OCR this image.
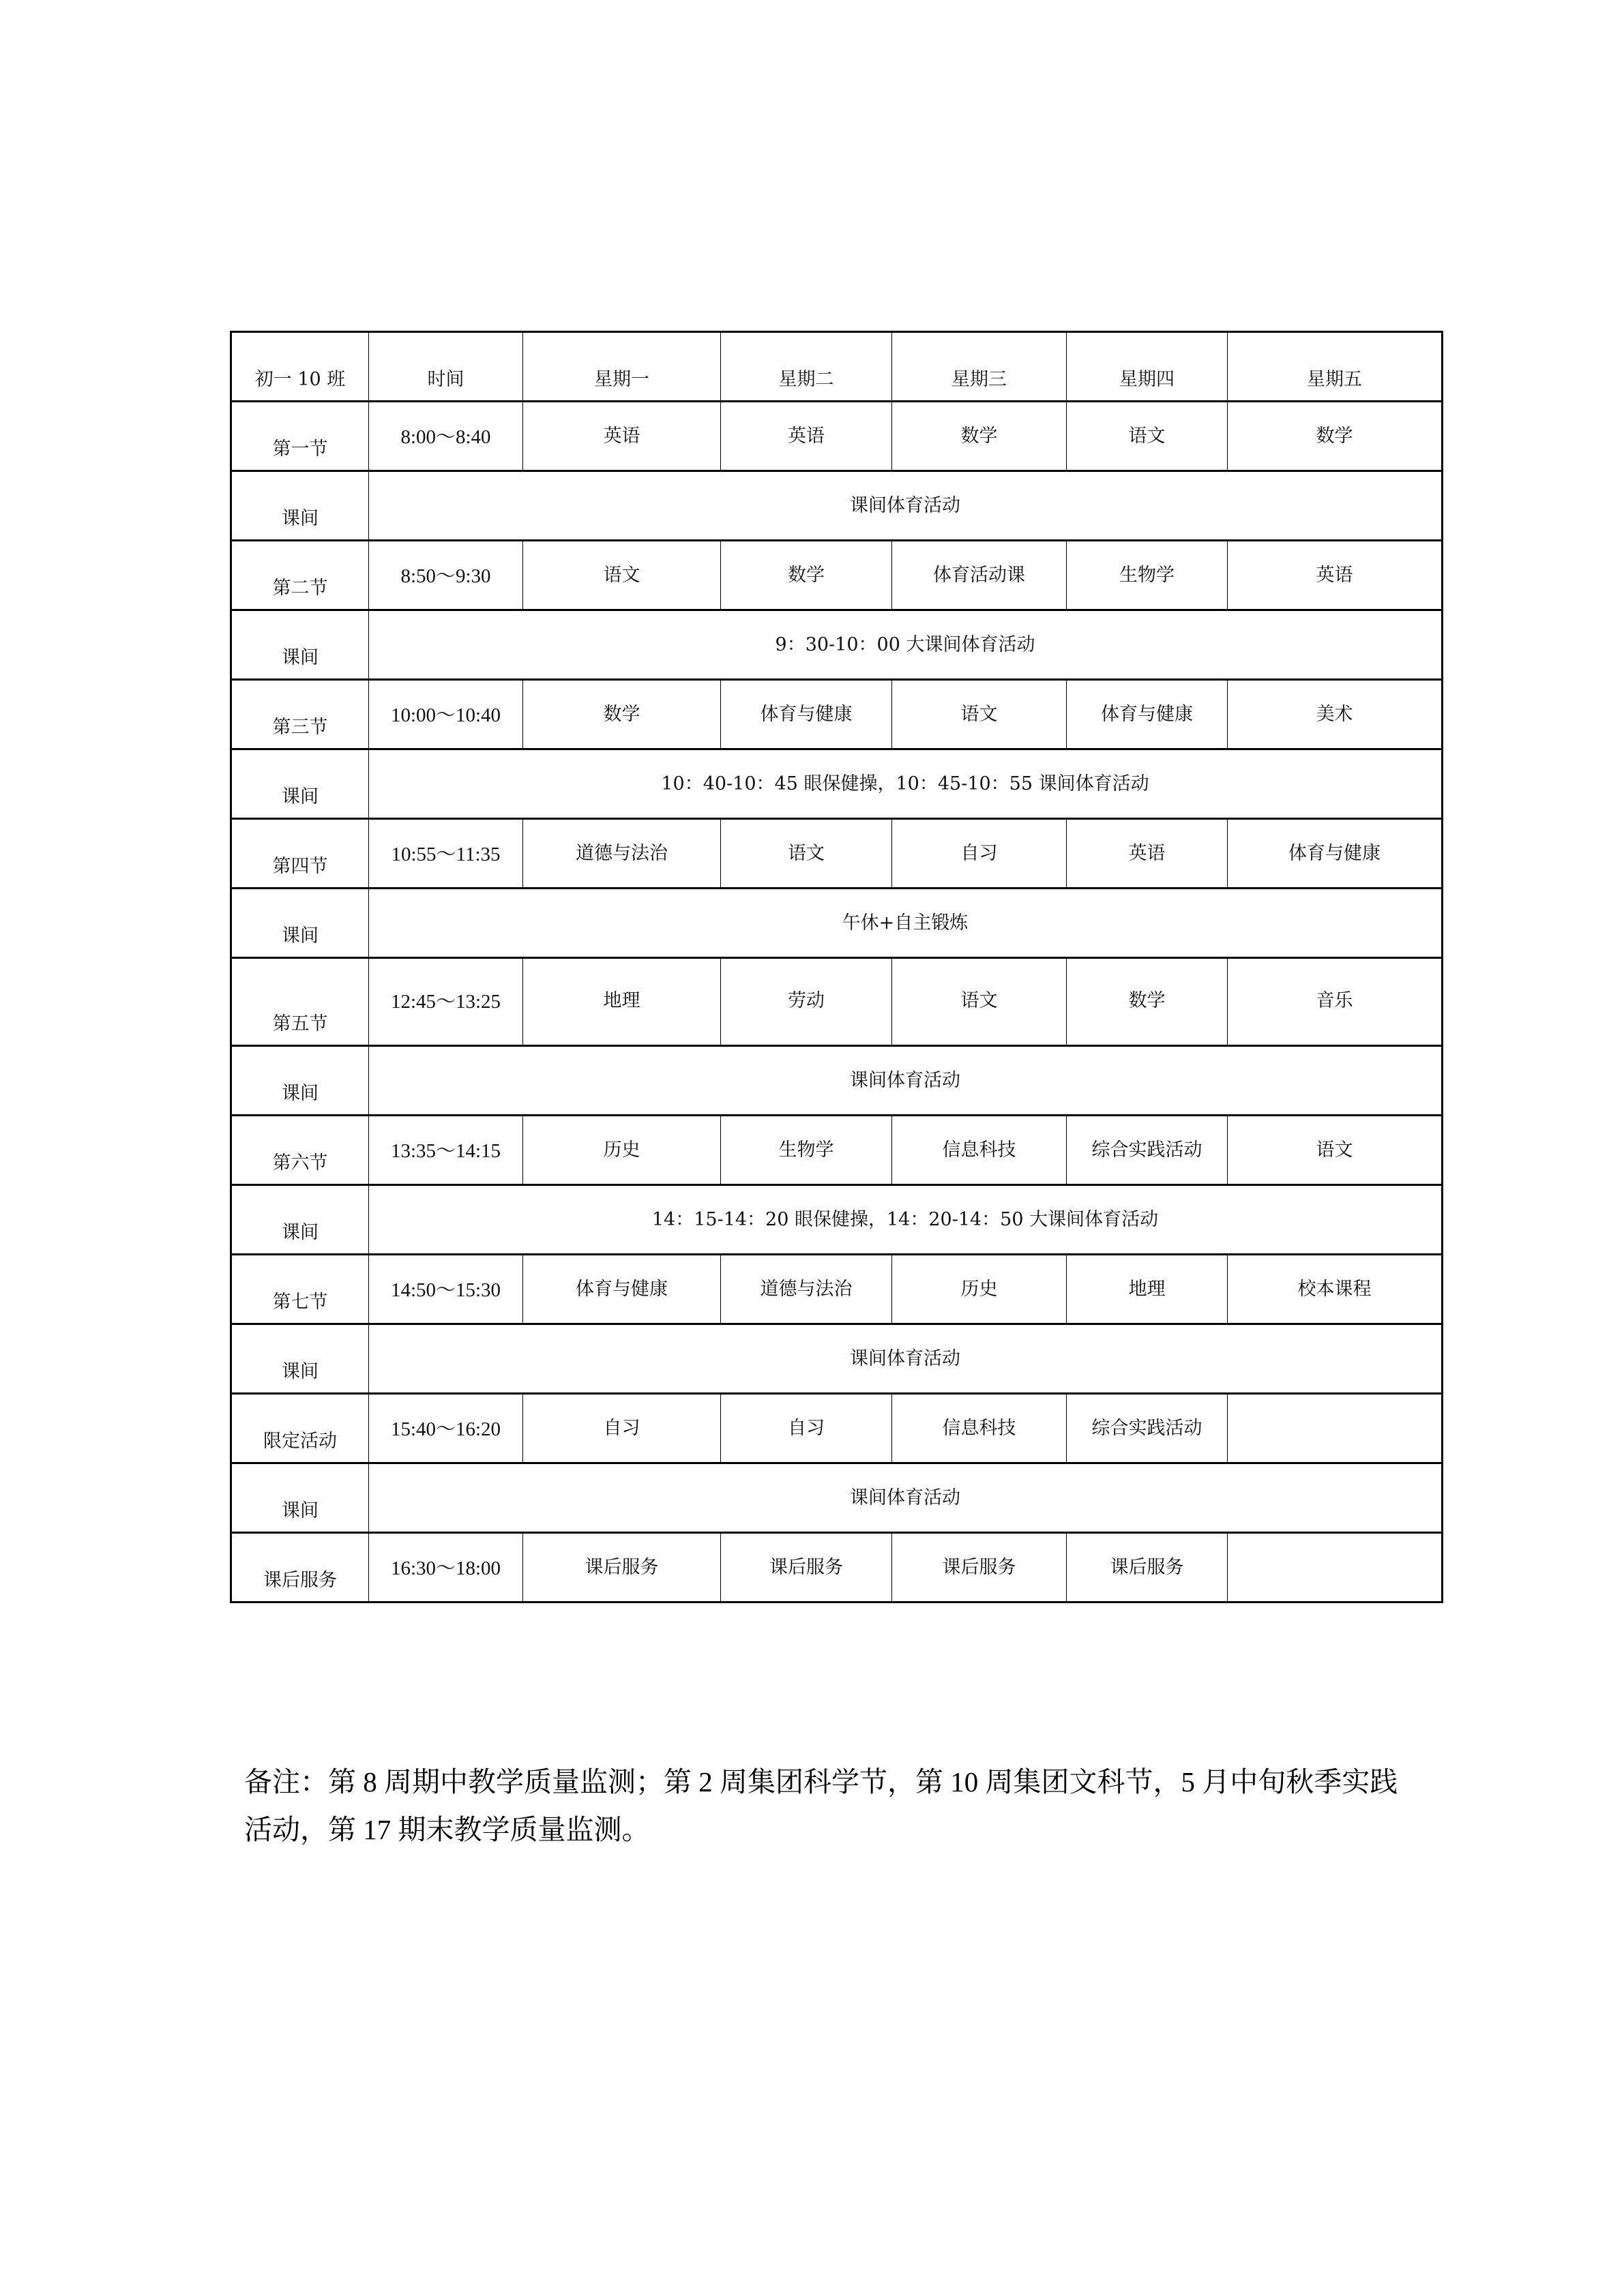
初一 10 班	时间	星期一	星期二	星期三	星期四	星期五

第一节	8:00～8:40	英语	英语	数学	语文	数学

课间	课间体育活动					

第二节	8:50～9:30	语文	数学	体育活动课	生物学	英语

课间	9：30-10：00 大课间体育活动					

第三节	10:00～10:40	数学	体育与健康	语文	体育与健康	美术

课间	10：40-10：45 眼保健操，10：45-10：55 课间体育活动					

第四节	10:55～11:35	道德与法治	语文	自习	英语	体育与健康

课间	午休+自主锻炼					

第五节	12:45～13:25	地理	劳动	语文	数学	音乐

课间	课间体育活动					

第六节	13:35～14:15	历史	生物学	信息科技	综合实践活动	语文

课间	14：15-14：20 眼保健操，14：20-14：50 大课间体育活动					

第七节	14:50～15:30	体育与健康	道德与法治	历史	地理	校本课程

课间	课间体育活动					

限定活动	15:40～16:20	自习	自习	信息科技	综合实践活动	

课间	课间体育活动					

课后服务	16:30～18:00	课后服务	课后服务	课后服务	课后服务	

备注：第 8 周期中教学质量监测；第 2 周集团科学节，第 10 周集团文科节，5 月中旬秋季实践活动，第 17 期末教学质量监测。
